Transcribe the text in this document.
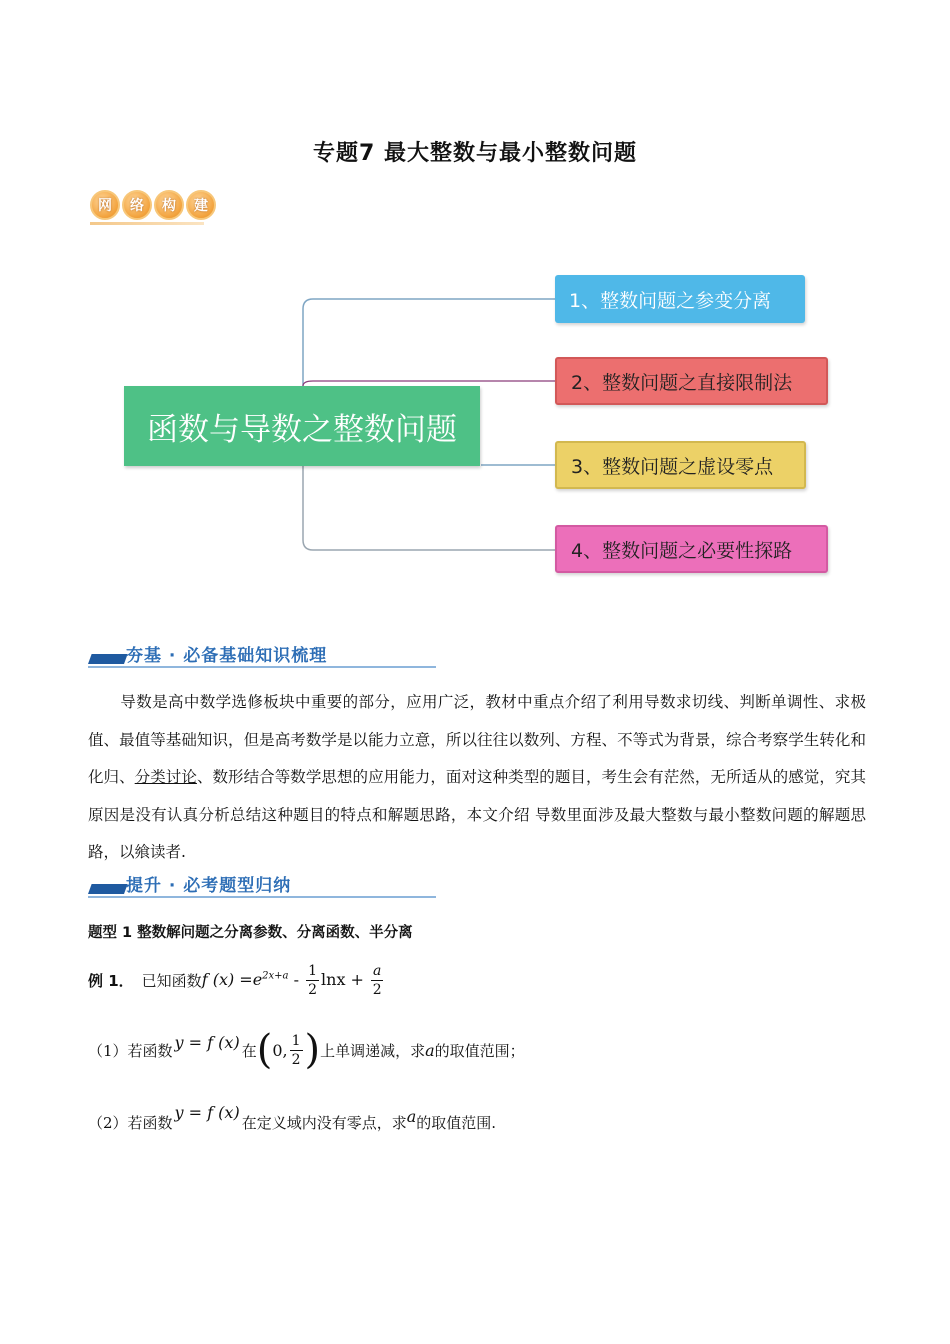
专题7 最大整数与最小整数问题
网	络	构	建
函数与导数之整数问题
1、整数问题之参变分离
2、整数问题之直接限制法
3、整数问题之虚设零点
4、整数问题之必要性探路
夯基 · 必备基础知识梳理
导数是高中数学选修板块中重要的部分，应用广泛，教材中重点介绍了利用导数求切线、判断单调性、求极值、最值等基础知识，但是高考数学是以能力立意，所以往往以数列、方程、不等式为背景，综合考察学生转化和化归、分类讨论、数形结合等数学思想的应用能力，面对这种类型的题目，考生会有茫然，无所适从的感觉，究其原因是没有认真分析总结这种题目的特点和解题思路，本文介绍 导数里面涉及最大整数与最小整数问题的解题思路，以飨读者.
提升 · 必考题型归纳
题型 1 整数解问题之分离参数、分离函数、半分离
例 1． 已知函数 f $(x) =e^{2x+a} - \frac{1}{2}$ $\ln x + \frac{a}{2}$
（1）若函数 y = f (x) 在 ( 0, $\frac{1}{2}$ ) 上单调递减，求 a 的取值范围；
（2）若函数
y = f (x)
在定义域内没有零点，求 a 的取值范围.
